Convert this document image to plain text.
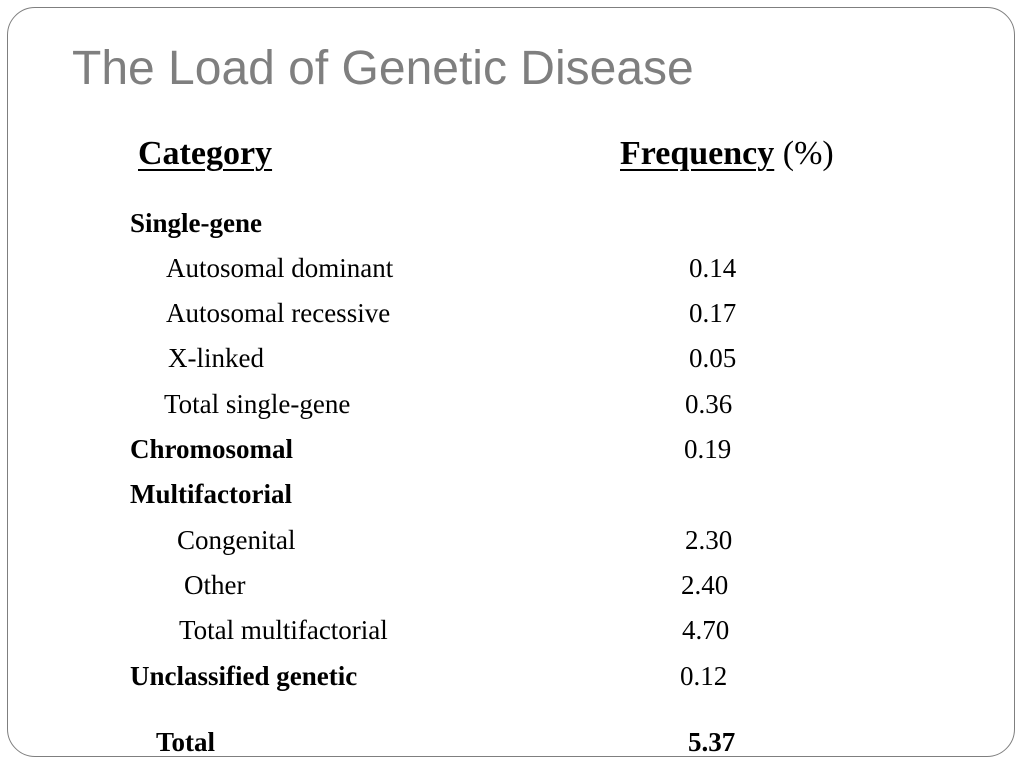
The Load of Genetic Disease
Category	Frequency (%)
Single-gene
Autosomal dominant	0.14
Autosomal recessive	0.17
X-linked	0.05
Total single-gene	0.36
Chromosomal	0.19
Multifactorial
Congenital	2.30
Other	2.40
Total multifactorial	4.70
Unclassified genetic	0.12
Total	5.37
